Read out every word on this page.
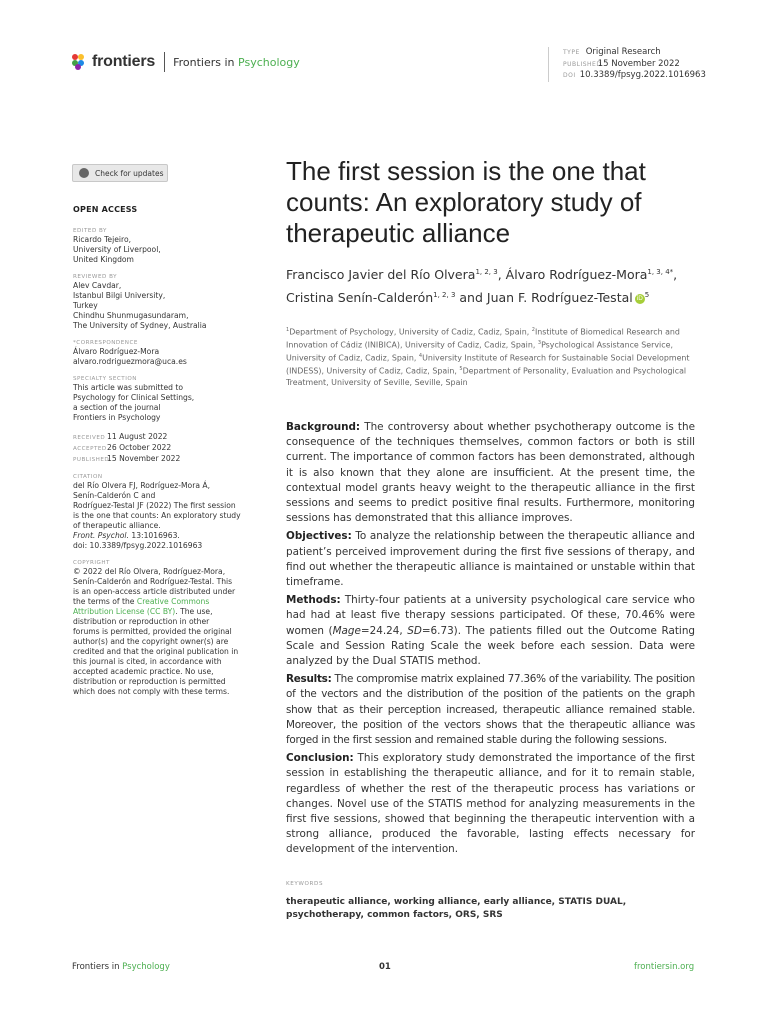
frontiers Frontiers in Psychology
TYPE Original Research
PUBLISHED 15 November 2022
DOI 10.3389/fpsyg.2022.1016963
Check for updates
OPEN ACCESS
EDITED BY
Ricardo Tejeiro,
University of Liverpool,
United Kingdom
REVIEWED BY
Alev Cavdar,
Istanbul Bilgi University,
Turkey
Chindhu Shunmugasundaram,
The University of Sydney, Australia
*CORRESPONDENCE
Álvaro Rodríguez-Mora
alvaro.rodriguezmora@uca.es
SPECIALTY SECTION
This article was submitted to
Psychology for Clinical Settings,
a section of the journal
Frontiers in Psychology
RECEIVED 11 August 2022
ACCEPTED26 October 2022
PUBLISHED15 November 2022
CITATION
del Río Olvera FJ, Rodríguez-Mora Á,
Senín-Calderón C and
Rodríguez-Testal JF (2022) The first session
is the one that counts: An exploratory study
of therapeutic alliance.
Front. Psychol. 13:1016963.
doi: 10.3389/fpsyg.2022.1016963
COPYRIGHT
© 2022 del Río Olvera, Rodríguez-Mora,
Senín-Calderón and Rodríguez-Testal. This
is an open-access article distributed under
the terms of the Creative Commons
Attribution License (CC BY). The use,
distribution or reproduction in other
forums is permitted, provided the original
author(s) and the copyright owner(s) are
credited and that the original publication in
this journal is cited, in accordance with
accepted academic practice. No use,
distribution or reproduction is permitted
which does not comply with these terms.
The first session is the one that counts: An exploratory study of therapeutic alliance
Francisco Javier del Río Olvera$^{1, 2, 3}$, Álvaro Rodríguez-Mora$^{1, 3, 4*}$, Cristina Senín-Calderón$^{1, 2, 3}$ and Juan F. Rodríguez-Testal iD $^5$
$^1$Department of Psychology, University of Cadiz, Cadiz, Spain, $^2$Institute of Biomedical Research and Innovation of Cádiz (INIBICA), University of Cadiz, Cadiz, Spain, $^3$Psychological Assistance Service, University of Cadiz, Cadiz, Spain, $^4$University Institute of Research for Sustainable Social Development (INDESS), University of Cadiz, Cadiz, Spain, $^5$Department of Personality, Evaluation and Psychological Treatment, University of Seville, Seville, Spain

Background: The controversy about whether psychotherapy outcome is the consequence of the techniques themselves, common factors or both is still current. The importance of common factors has been demonstrated, although it is also known that they alone are insufficient. At the present time, the contextual model grants heavy weight to the therapeutic alliance in the first sessions and seems to predict positive final results. Furthermore, monitoring sessions has demonstrated that this alliance improves.

Objectives: To analyze the relationship between the therapeutic alliance and patient’s perceived improvement during the first five sessions of therapy, and find out whether the therapeutic alliance is maintained or unstable within that timeframe.

Methods: Thirty-four patients at a university psychological care service who had had at least five therapy sessions participated. Of these, 70.46% were women (Mage=24.24, SD=6.73). The patients filled out the Outcome Rating Scale and Session Rating Scale the week before each session. Data were analyzed by the Dual STATIS method.

Results: The compromise matrix explained 77.36% of the variability. The position of the vectors and the distribution of the position of the patients on the graph show that as their perception increased, therapeutic alliance remained stable. Moreover, the position of the vectors shows that the therapeutic alliance was forged in the first session and remained stable during the following sessions.

Conclusion: This exploratory study demonstrated the importance of the first session in establishing the therapeutic alliance, and for it to remain stable, regardless of whether the rest of the therapeutic process has variations or changes. Novel use of the STATIS method for analyzing measurements in the first five sessions, showed that beginning the therapeutic intervention with a strong alliance, produced the favorable, lasting effects necessary for development of the intervention.

KEYWORDS
therapeutic alliance, working alliance, early alliance, STATIS DUAL, psychotherapy, common factors, ORS, SRS
Frontiers in Psychology	01	frontiersin.org
